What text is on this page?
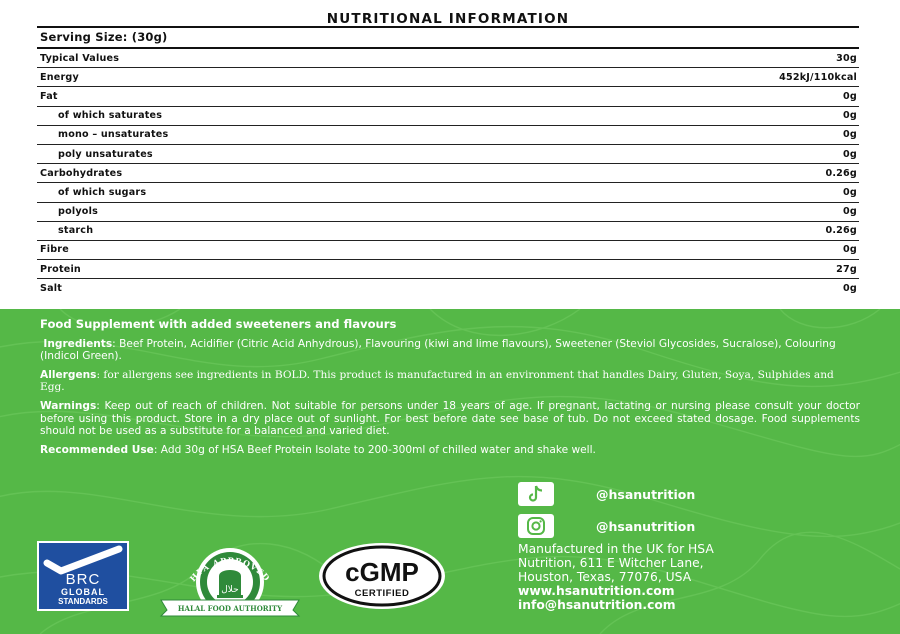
NUTRITIONAL INFORMATION
Serving Size: (30g)
Typical Values	30g
Energy	452kJ/110kcal
Fat	0g
of which saturates	0g
mono – unsaturates	0g
poly unsaturates	0g
Carbohydrates	0.26g
of which sugars	0g
polyols	0g
starch	0.26g
Fibre	0g
Protein	27g
Salt	0g

Food Supplement with added sweeteners and flavours

Ingredients: Beef Protein, Acidifier (Citric Acid Anhydrous), Flavouring (kiwi and lime flavours), Sweetener (Steviol Glycosides, Sucralose), Colouring (Indicol Green).

Allergens: for allergens see ingredients in BOLD. This product is manufactured in an environment that handles Dairy, Gluten, Soya, Sulphides and Egg.

Warnings: Keep out of reach of children. Not suitable for persons under 18 years of age. If pregnant, lactating or nursing please consult your doctor before using this product. Store in a dry place out of sunlight. For best before date see base of tub. Do not exceed stated dosage. Food supplements should not be used as a substitute for a balanced and varied diet.

Recommended Use: Add 30g of HSA Beef Protein Isolate to 200-300ml of chilled water and shake well.

@hsanutrition
@hsanutrition
Manufactured in the UK for HSA
Nutrition, 611 E Witcher Lane,
Houston, Texas, 77076, USA
www.hsanutrition.com
info@hsanutrition.com
BRC
GLOBAL
STANDARDS
HFA APPROVED
حلال
HALAL FOOD AUTHORITY
cGMP
CERTIFIED
